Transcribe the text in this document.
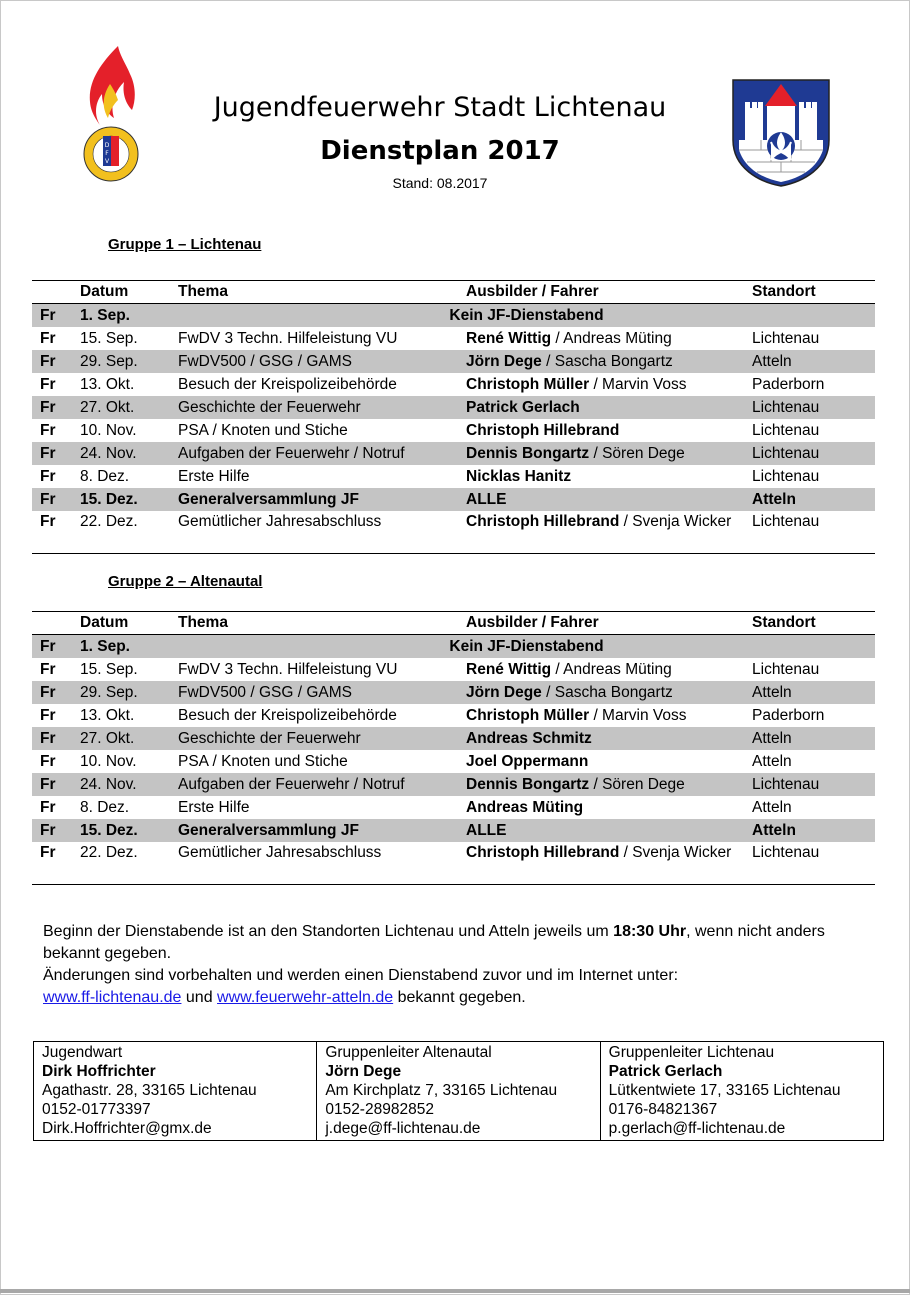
D
F
V
Jugendfeuerwehr Stadt Lichtenau
Dienstplan 2017
Stand: 08.2017
Gruppe 1 – Lichtenau
	Datum	Thema	Ausbilder / Fahrer	Standort
Fr	1. Sep.	Kein JF-Dienstabend		
Fr	15. Sep.	FwDV 3 Techn. Hilfeleistung VU	René Wittig / Andreas Müting	Lichtenau
Fr	29. Sep.	FwDV500 / GSG / GAMS	Jörn Dege / Sascha Bongartz	Atteln
Fr	13. Okt.	Besuch der Kreispolizeibehörde	Christoph Müller / Marvin Voss	Paderborn
Fr	27. Okt.	Geschichte der Feuerwehr	Patrick Gerlach	Lichtenau
Fr	10. Nov.	PSA / Knoten und Stiche	Christoph Hillebrand	Lichtenau
Fr	24. Nov.	Aufgaben der Feuerwehr / Notruf	Dennis Bongartz / Sören Dege	Lichtenau
Fr	8. Dez.	Erste Hilfe	Nicklas Hanitz	Lichtenau
Fr	15. Dez.	Generalversammlung JF	ALLE	Atteln
Fr	22. Dez.	Gemütlicher Jahresabschluss	Christoph Hillebrand / Svenja Wicker	Lichtenau
Gruppe 2 – Altenautal
	Datum	Thema	Ausbilder / Fahrer	Standort
Fr	1. Sep.	Kein JF-Dienstabend		
Fr	15. Sep.	FwDV 3 Techn. Hilfeleistung VU	René Wittig / Andreas Müting	Lichtenau
Fr	29. Sep.	FwDV500 / GSG / GAMS	Jörn Dege / Sascha Bongartz	Atteln
Fr	13. Okt.	Besuch der Kreispolizeibehörde	Christoph Müller / Marvin Voss	Paderborn
Fr	27. Okt.	Geschichte der Feuerwehr	Andreas Schmitz	Atteln
Fr	10. Nov.	PSA / Knoten und Stiche	Joel Oppermann	Atteln
Fr	24. Nov.	Aufgaben der Feuerwehr / Notruf	Dennis Bongartz / Sören Dege	Lichtenau
Fr	8. Dez.	Erste Hilfe	Andreas Müting	Atteln
Fr	15. Dez.	Generalversammlung JF	ALLE	Atteln
Fr	22. Dez.	Gemütlicher Jahresabschluss	Christoph Hillebrand / Svenja Wicker	Lichtenau
Beginn der Dienstabende ist an den Standorten Lichtenau und Atteln jeweils um 18:30 Uhr, wenn nicht anders bekannt gegeben.
Änderungen sind vorbehalten und werden einen Dienstabend zuvor und im Internet unter:
www.ff-lichtenau.de und www.feuerwehr-atteln.de bekannt gegeben.
Jugendwart
Dirk Hoffrichter
Agathastr. 28, 33165 Lichtenau
0152-01773397
Dirk.Hoffrichter@gmx.de

Gruppenleiter Altenautal
Jörn Dege
Am Kirchplatz 7, 33165 Lichtenau
0152-28982852
j.dege@ff-lichtenau.de

Gruppenleiter Lichtenau
Patrick Gerlach
Lütkentwiete 17, 33165 Lichtenau
0176-84821367
p.gerlach@ff-lichtenau.de
